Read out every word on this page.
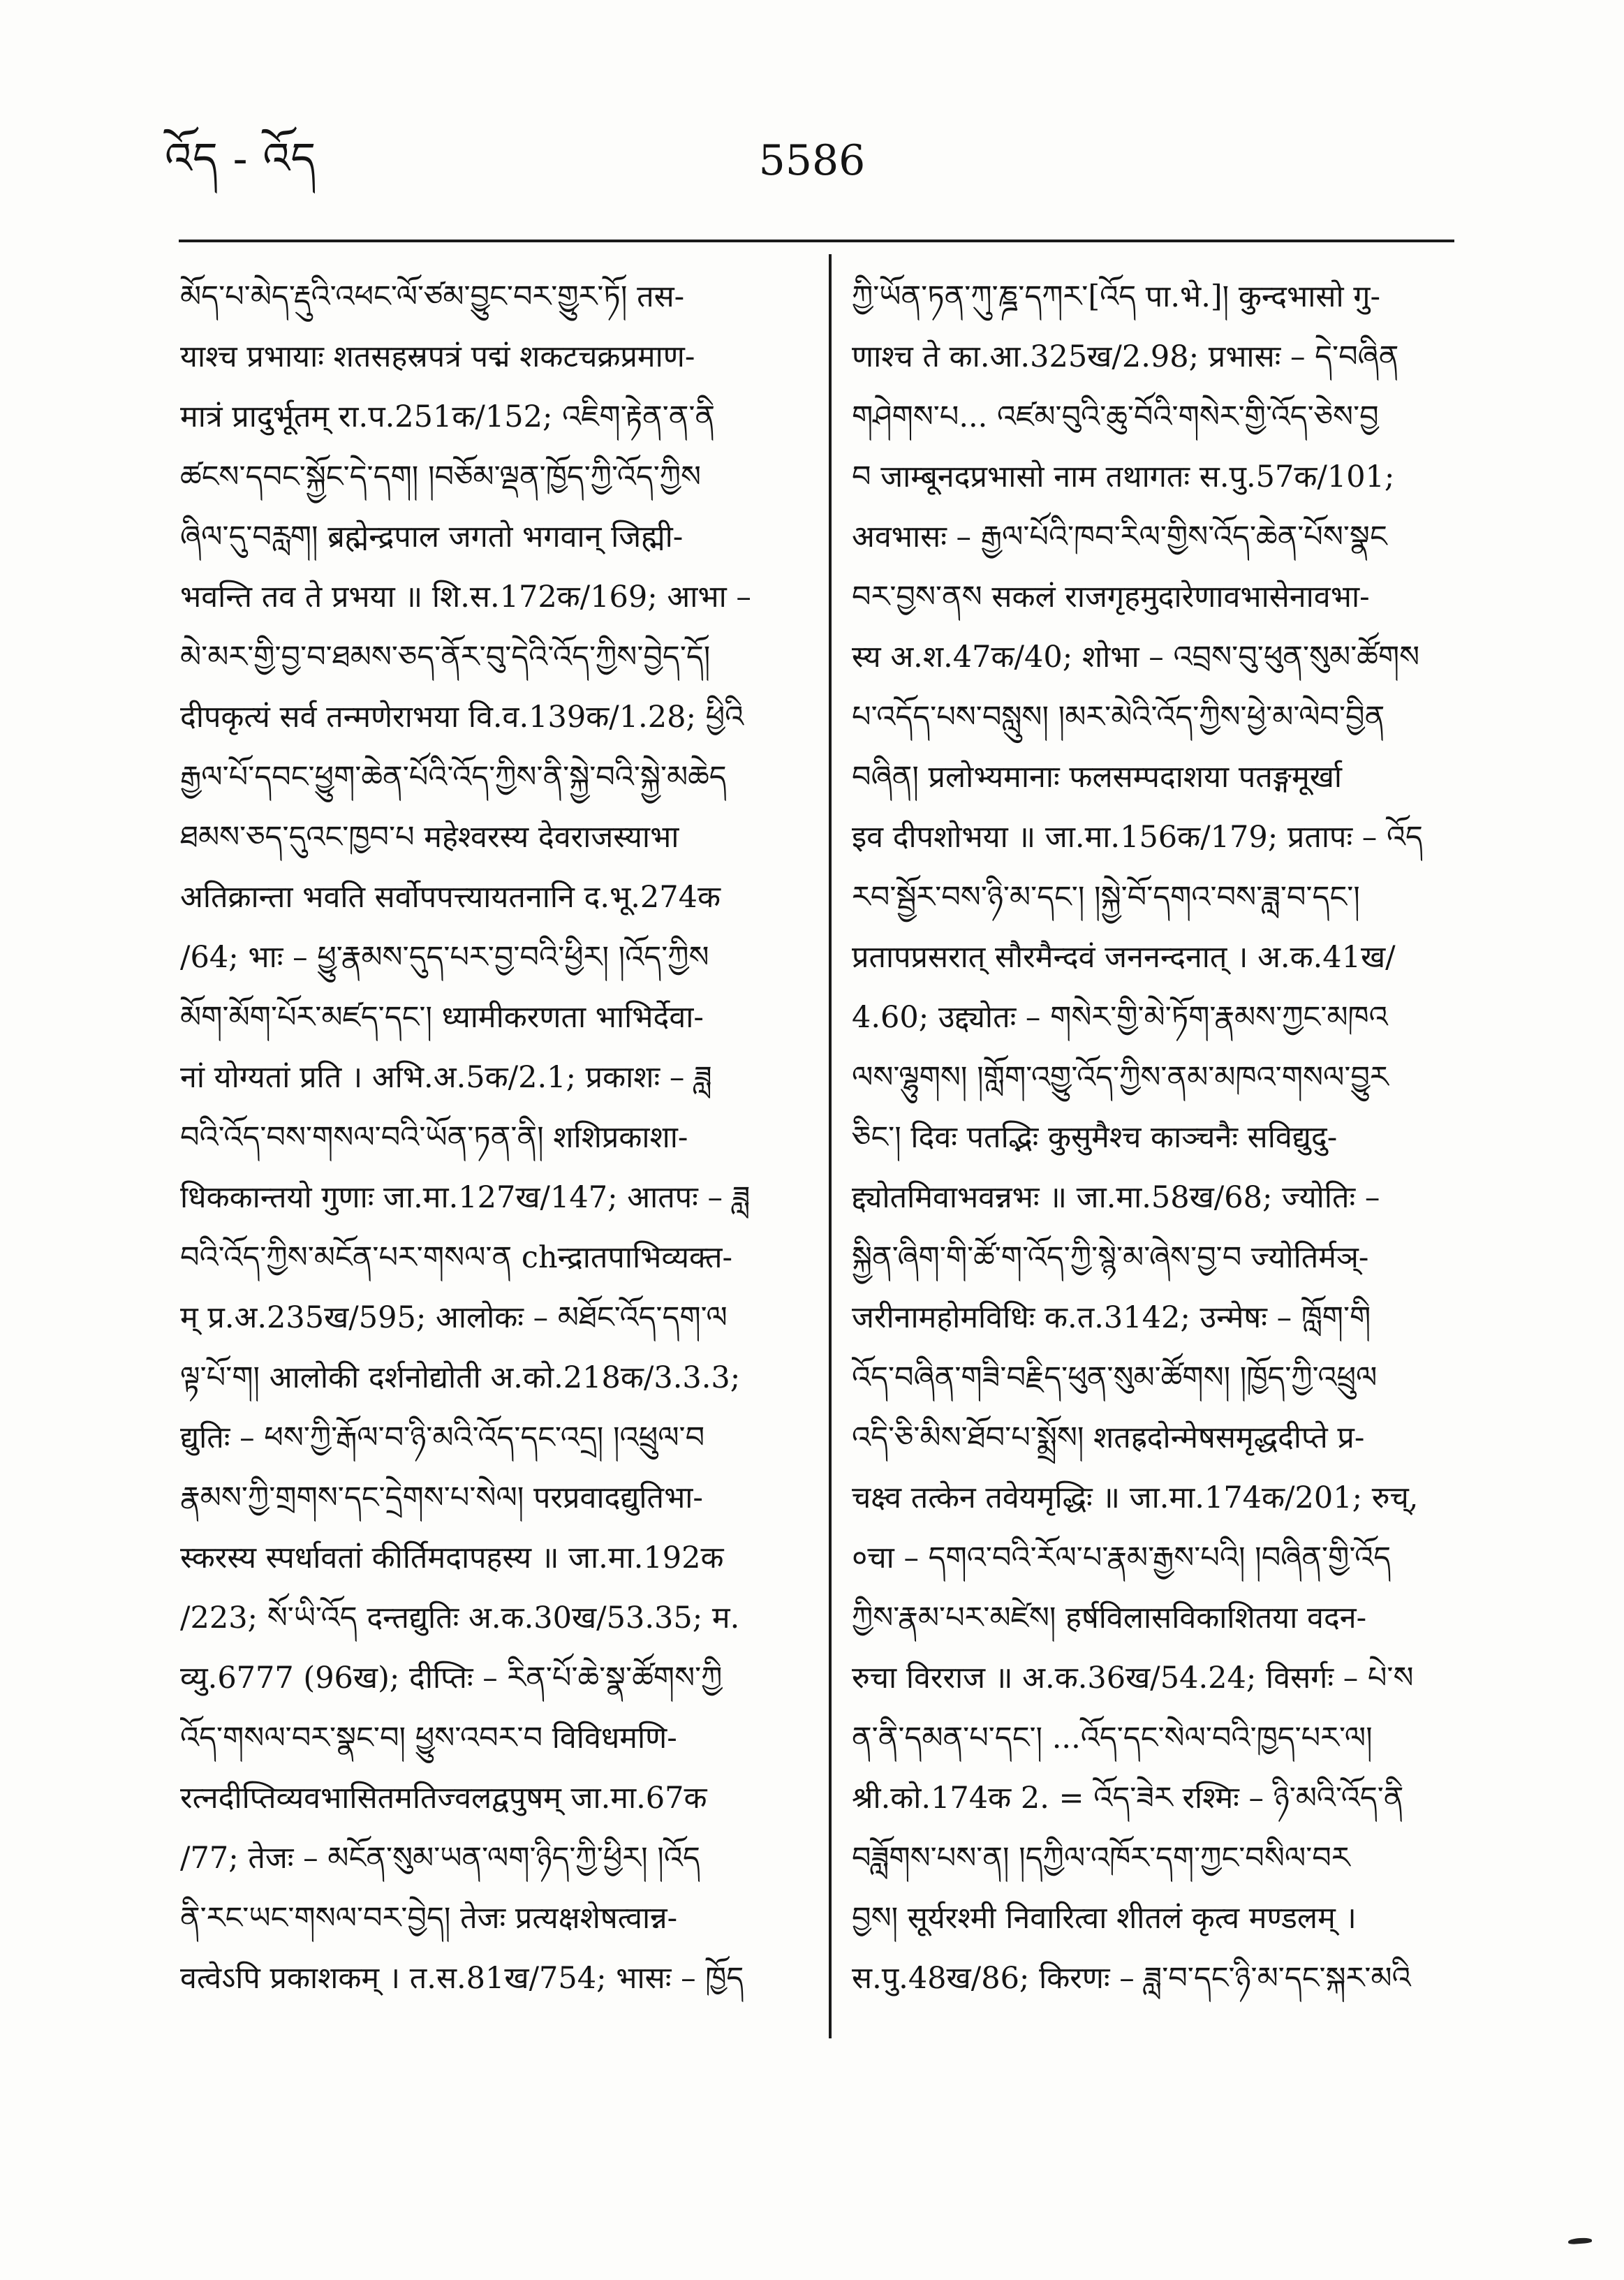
འོད - འོད	5586
མོད་པ་མེད་རྡུའི་འཕང་ལོ་ཙམ་བྱུང་བར་གྱུར་ཏོ། तस-
याश्च प्रभायाः शतसहस्रपत्रं पद्मं शकटचक्रप्रमाण-
मात्रं प्रादुर्भूतम् रा.प.251क/152; འཇིག་རྟེན་ན་ནི
ཚངས་དབང་སྐྱོང་དེ་དག། །བཅོམ་ལྡན་ཁྱོད་ཀྱི་འོད་ཀྱིས
ཞིལ་དུ་བརླག། ब्रह्मेन्द्रपाल जगतो भगवान् जिह्मी-
भवन्ति तव ते प्रभया ॥ शि.स.172क/169; आभा –
མེ་མར་གྱི་བྱ་བ་ཐམས་ཅད་ནོར་བུ་དེའི་འོད་ཀྱིས་བྱེད་དོ།
दीपकृत्यं सर्व तन्मणेराभया वि.व.139क/1.28; ཕྱིའི
རྒྱལ་པོ་དབང་ཕྱུག་ཆེན་པོའི་འོད་ཀྱིས་ནི་སྐྱེ་བའི་སྐྱེ་མཆེད
ཐམས་ཅད་དུའང་ཁྱབ་པ महेश्वरस्य देवराजस्याभा
अतिक्रान्ता भवति सर्वोपपत्त्यायतनानि द.भू.274क
/64; भाः – ཕྱུ་རྣམས་དུད་པར་བྱ་བའི་ཕྱིར། །འོད་ཀྱིས
མོག་མོག་པོར་མཛད་དང་། ध्यामीकरणता भाभिर्देवा-
नां योग्यतां प्रति । अभि.अ.5क/2.1; प्रकाशः – ཟླ
བའི་འོད་བས་གསལ་བའི་ཡོན་ཏན་ནི། शशिप्रकाशा-
धिककान्तयो गुणाः जा.मा.127ख/147; आतपः – ཟླ
བའི་འོད་ཀྱིས་མངོན་པར་གསལ་ན chन्द्रातपाभिव्यक्त-
म् प्र.अ.235ख/595; आलोकः – མཐོང་འོད་དག་ལ
ལྟ་པོ་ག། आलोकी दर्शनोद्योती अ.को.218क/3.3.3;
द्युतिः – ཕས་ཀྱི་རྒོལ་བ་ཉི་མའི་འོད་དང་འདྲ། །འཕྲུལ་བ
རྣམས་ཀྱི་གྲགས་དང་དྲེགས་པ་སེལ། परप्रवादद्युतिभा-
स्करस्य स्पर्धावतां कीर्तिमदापहस्य ॥ जा.मा.192क
/223; སོ་ཡི་འོད दन्तद्युतिः अ.क.30ख/53.35; म.
व्यु.6777 (96ख); दीप्तिः – རིན་པོ་ཆེ་སྣ་ཚོགས་ཀྱི
འོད་གསལ་བར་སྣང་བ། ཕྱུས་འབར་བ विविधमणि-
रत्नदीप्तिव्यवभासितमतिज्वलद्वपुषम् जा.मा.67क
/77; तेजः – མངོན་སུམ་ཡན་ལག་ཉིད་ཀྱི་ཕྱིར། །འོད
ནི་རང་ཡང་གསལ་བར་བྱེད། तेजः प्रत्यक्षशेषत्वान्न-
वत्वेऽपि प्रकाशकम् । त.स.81ख/754; भासः – ཁྱོད
ཀྱི་ཡོན་ཏན་ཀུ་ཎྜ་དཀར་[འོད पा.भे.]། कुन्दभासो गु-
णाश्च ते का.आ.325ख/2.98; प्रभासः – དེ་བཞིན
གཤེགས་པ... འཛམ་བུའི་ཆུ་བོའི་གསེར་གྱི་འོད་ཅེས་བྱ
བ जाम्बूनदप्रभासो नाम तथागतः स.पु.57क/101;
अवभासः – རྒྱལ་པོའི་ཁབ་རིལ་གྱིས་འོད་ཆེན་པོས་སྣང
བར་བྱས་ནས सकलं राजगृहमुदारेणावभासेनावभा-
स्य अ.श.47क/40; शोभा – འབྲས་བུ་ཕུན་སུམ་ཚོགས
པ་འདོད་པས་བསླུས། །མར་མེའི་འོད་ཀྱིས་ཕྱེ་མ་ལེབ་བྱིན
བཞིན། प्रलोभ्यमानाः फलसम्पदाशया पतङ्गमूर्खा
इव दीपशोभया ॥ जा.मा.156क/179; प्रतापः – འོད
རབ་སྦྱོར་བས་ཉི་མ་དང་། །སྐྱེ་བོ་དགའ་བས་ཟླ་བ་དང་།
प्रतापप्रसरात् सौरमैन्दवं जननन्दनात् । अ.क.41ख/
4.60; उद्द्योतः – གསེར་གྱི་མེ་ཏོག་རྣམས་ཀྱང་མཁའ
ལས་ལྷུགས། །གློག་འགྱུ་འོད་ཀྱིས་ནམ་མཁའ་གསལ་བྱུར
ཅིང་། दिवः पतद्भिः कुसुमैश्च काञ्चनैः सविद्युदु-
द्द्योतमिवाभवन्नभः ॥ जा.मा.58ख/68; ज्योतिः –
སྐྱིན་ཞིག་གི་ཚོ་ག་འོད་ཀྱི་སྙེ་མ་ཞེས་བྱ་བ ज्योतिर्मञ्-
जरीनामहोमविधिः क.त.3142; उन्मेषः – ཁློག་གི
འོད་བཞིན་གཟི་བརྗིད་ཕུན་སུམ་ཚོགས། །ཁྱོད་ཀྱི་འཕྲུལ
འདི་ཅི་མིས་ཐོབ་པ་སྨྲོས། शतह्रदोन्मेषसमृद्धदीप्ते प्र-
चक्ष्व तत्केन तवेयमृद्धिः ॥ जा.मा.174क/201; रुच्,
०चा – དགའ་བའི་རོལ་པ་རྣམ་རྒྱས་པའི། །བཞིན་གྱི་འོད
ཀྱིས་རྣམ་པར་མཛེས། हर्षविलासविकाशितया वदन-
रुचा विरराज ॥ अ.क.36ख/54.24; विसर्गः – པེ་ས
ན་ནི་དམན་པ་དང་། ...འོད་དང་སེལ་བའི་ཁྱད་པར་ལ།
श्री.को.174क 2. = འོད་ཟེར रश्मिः – ཉི་མའི་འོད་ནི
བཟློགས་པས་ན། །དཀྱིལ་འཁོར་དག་ཀྱང་བསིལ་བར
བྱས། सूर्यरश्मी निवारित्वा शीतलं कृत्व मण्डलम् ।
स.पु.48ख/86; किरणः – ཟླ་བ་དང་ཉི་མ་དང་སྐར་མའི
